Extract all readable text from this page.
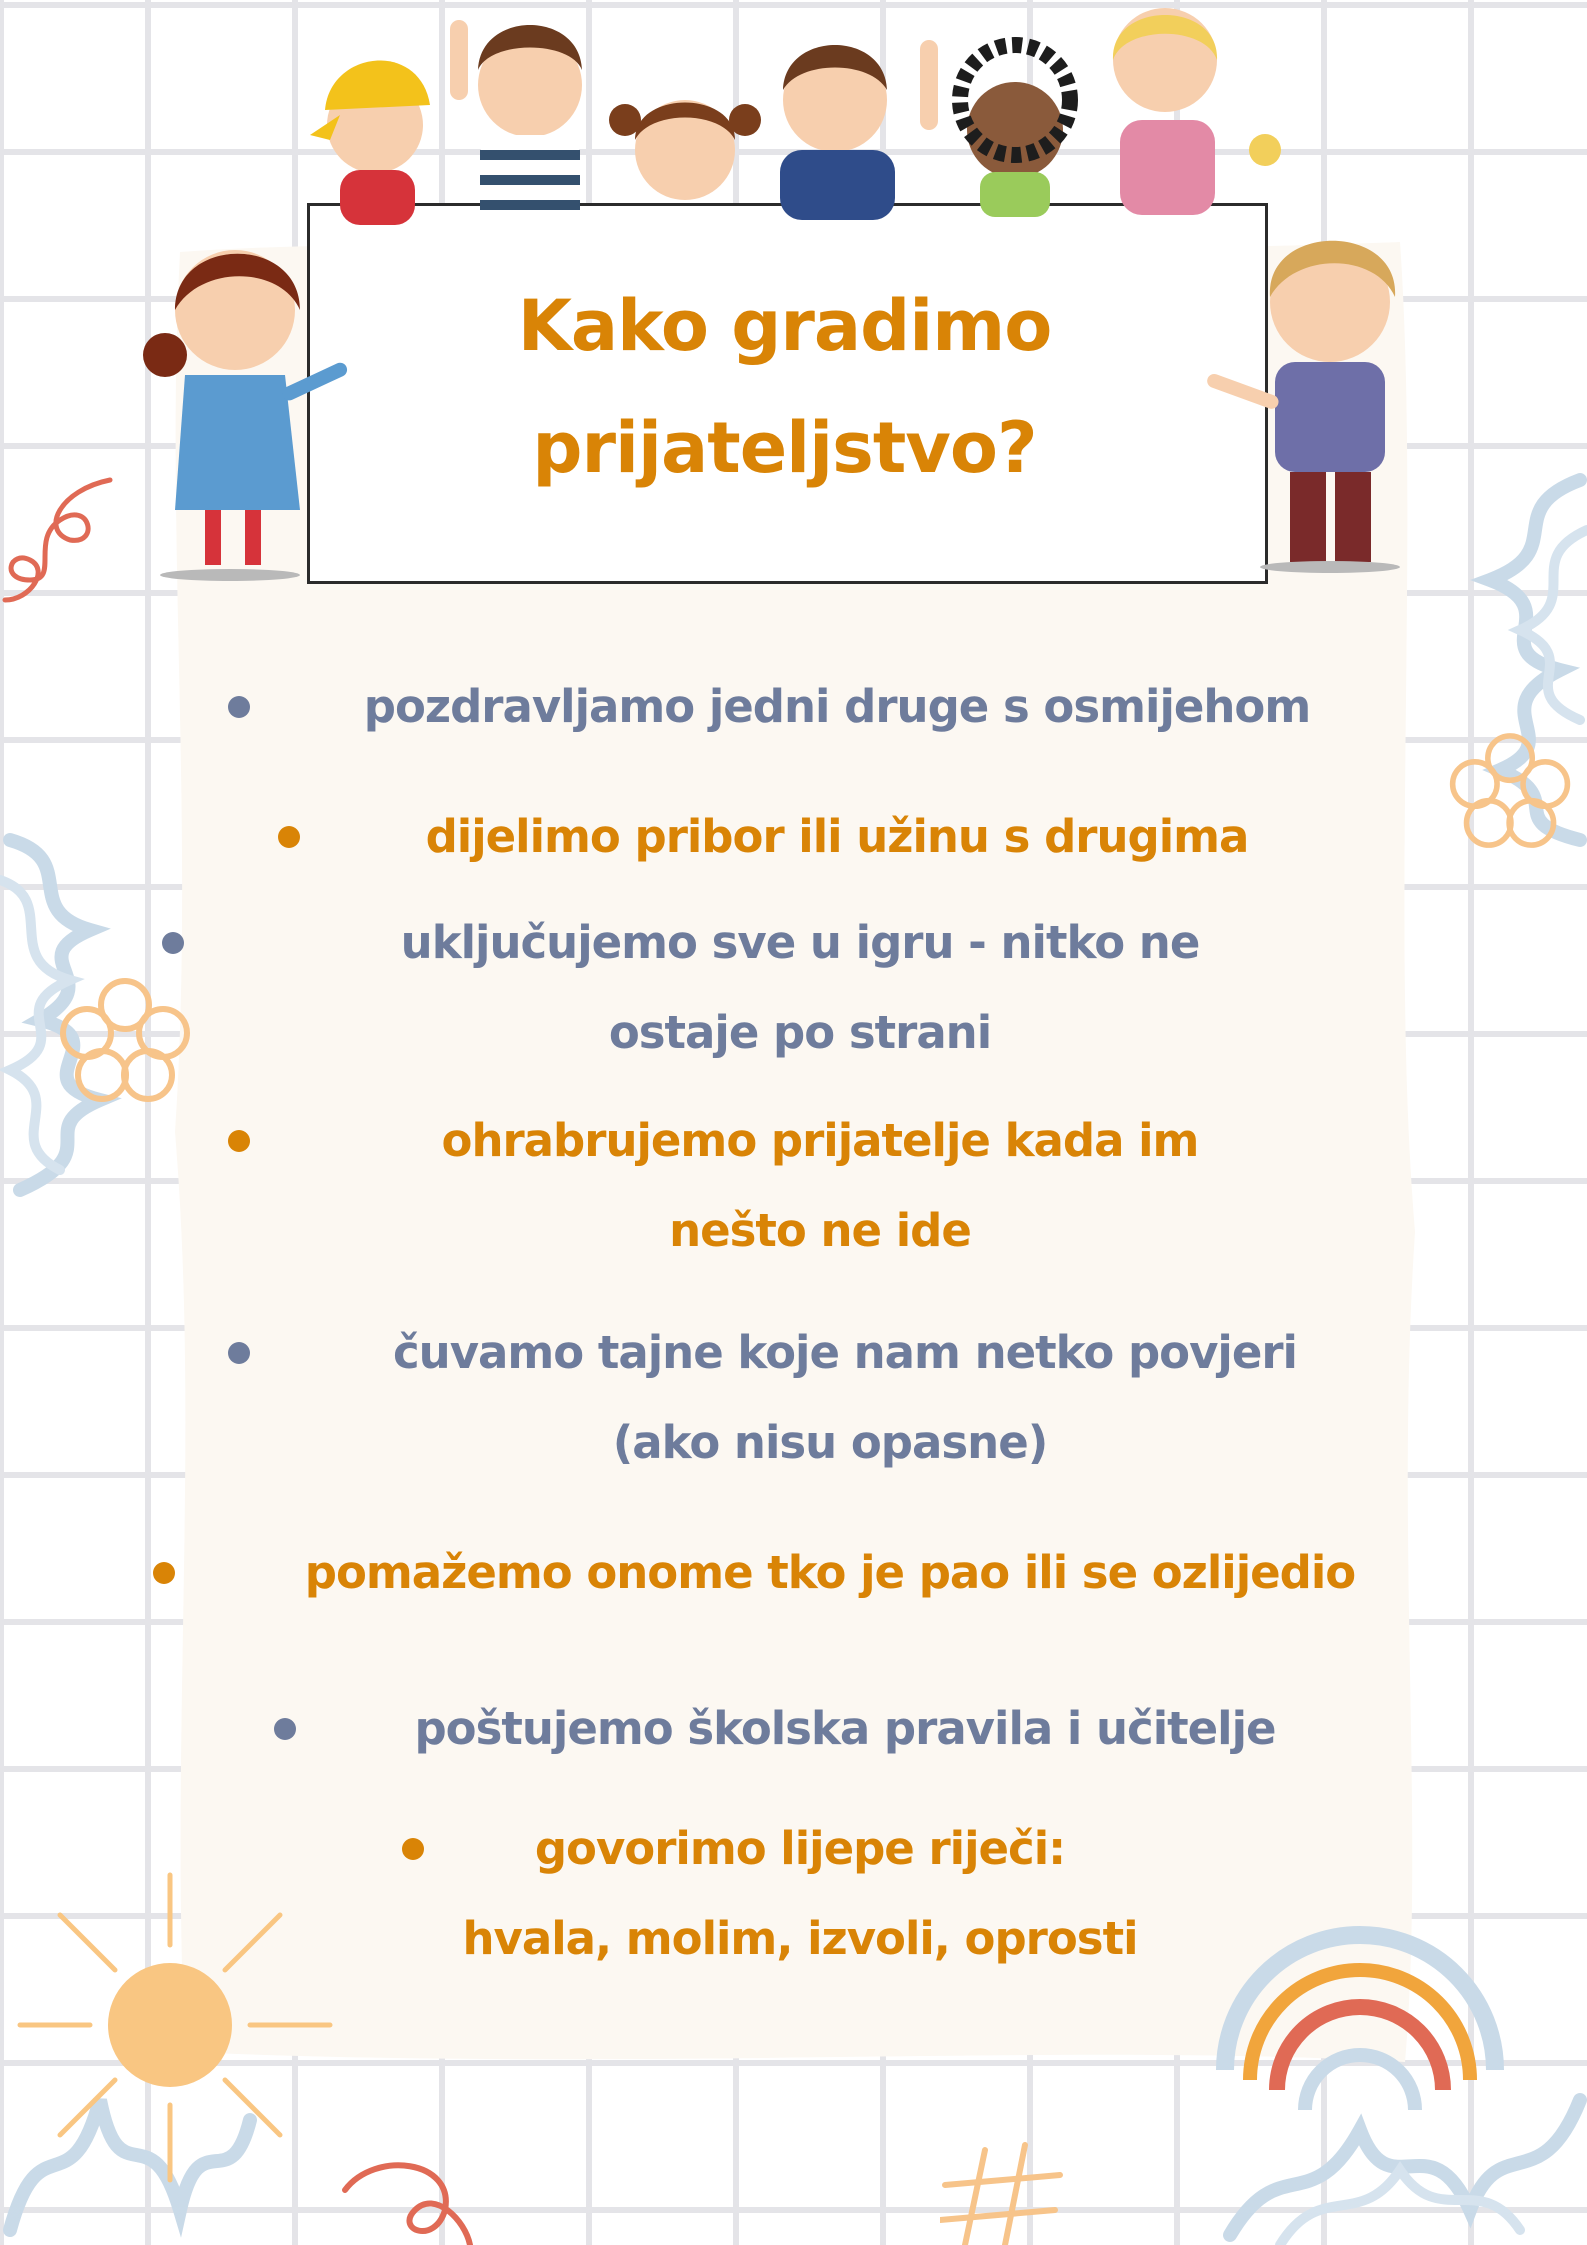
Kako gradimo
prijateljstvo?
pozdravljamo jedni druge s osmijehom
dijelimo pribor ili užinu s drugima
uključujemo sve u igru - nitko ne
ostaje po strani
ohrabrujemo prijatelje kada im
nešto ne ide
čuvamo tajne koje nam netko povjeri
(ako nisu opasne)
pomažemo onome tko je pao ili se ozlijedio
poštujemo školska pravila i učitelje
govorimo lijepe riječi:
hvala, molim, izvoli, oprosti
